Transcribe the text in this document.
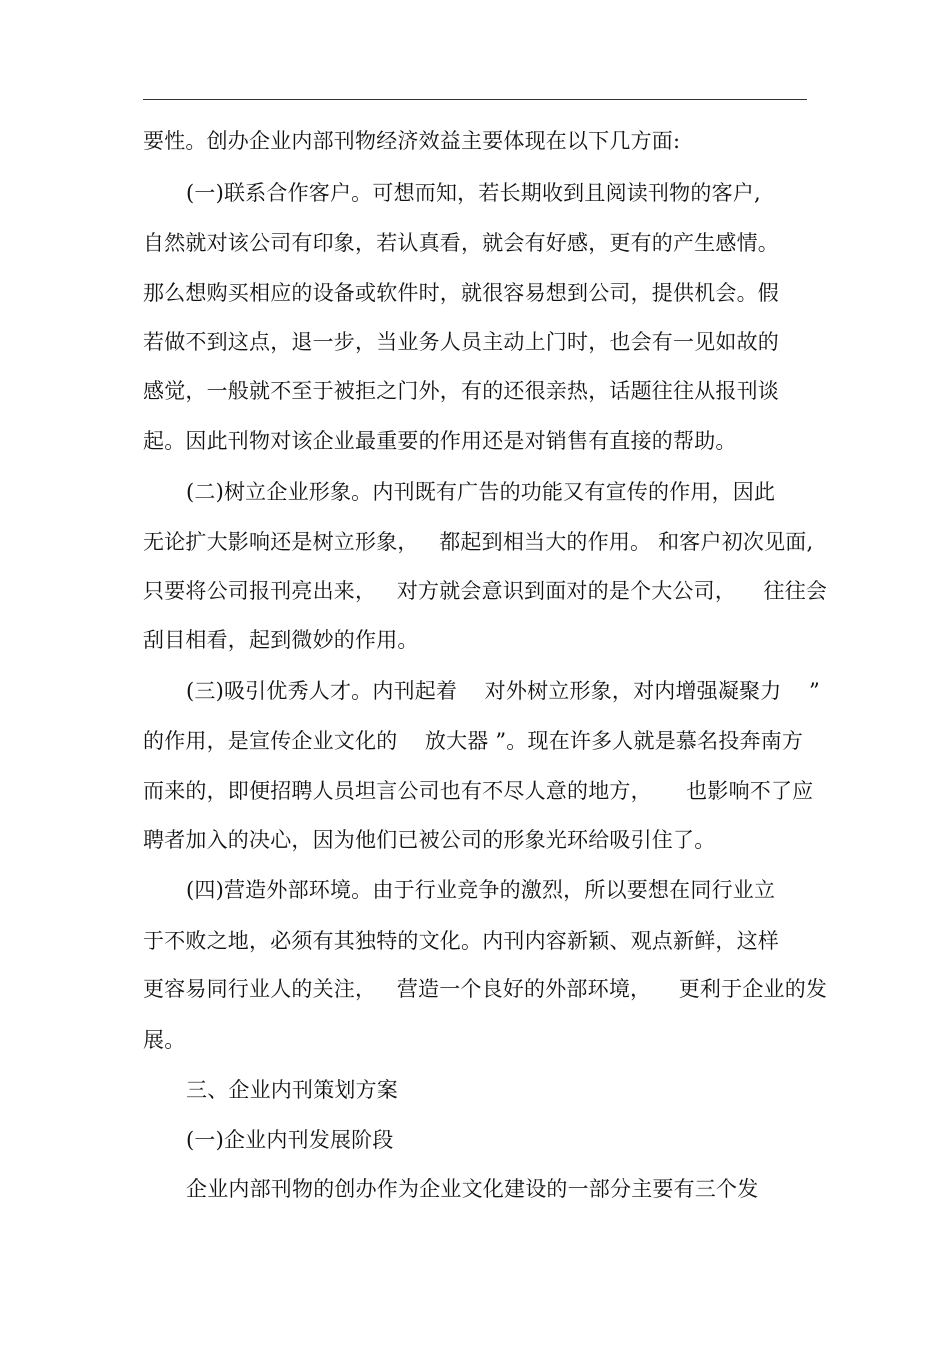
要性。创办企业内部刊物经济效益主要体现在以下几方面:
(一)联系合作客户。可想而知，若长期收到且阅读刊物的客户,
自然就对该公司有印象，若认真看，就会有好感，更有的产生感情。
那么想购买相应的设备或软件时，就很容易想到公司，提供机会。假
若做不到这点，退一步，当业务人员主动上门时，也会有一见如故的
感觉，一般就不至于被拒之门外，有的还很亲热，话题往往从报刊谈
起。因此刊物对该企业最重要的作用还是对销售有直接的帮助。
(二)树立企业形象。内刊既有广告的功能又有宣传的作用，因此
无论扩大影响还是树立形象，   都起到相当大的作用。 和客户初次见面,
只要将公司报刊亮出来，   对方就会意识到面对的是个大公司，    往往会
刮目相看，起到微妙的作用。
(三)吸引优秀人才。内刊起着    对外树立形象，对内增强凝聚力    ”
的作用，是宣传企业文化的    放大器 ”。现在许多人就是慕名投奔南方
而来的，即便招聘人员坦言公司也有不尽人意的地方，     也影响不了应
聘者加入的决心，因为他们已被公司的形象光环给吸引住了。
(四)营造外部环境。由于行业竞争的激烈，所以要想在同行业立
于不败之地，必须有其独特的文化。内刊内容新颖、观点新鲜，这样
更容易同行业人的关注，   营造一个良好的外部环境，    更利于企业的发
展。
三、企业内刊策划方案
(一)企业内刊发展阶段
企业内部刊物的创办作为企业文化建设的一部分主要有三个发
